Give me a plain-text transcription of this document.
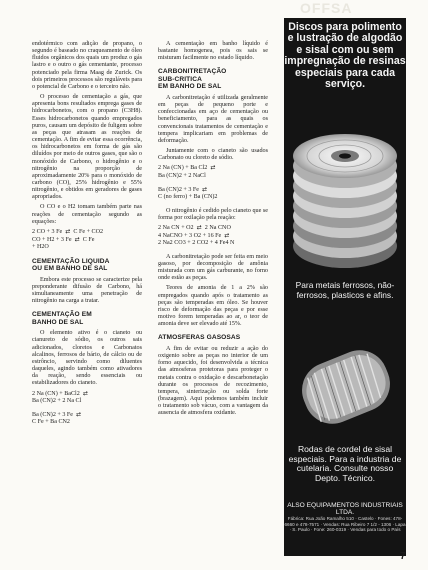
OFFSA

endotérmico com adição de propano, o segundo é baseado no craqueamento de óleo fluidos orgânicos dos quais um produz o gás lastro e o outro o gás cementante, processo potenciado pela firma Maag de Zurick. Os dois primeiros processos são reguláveis para o potencial de Carbono e o terceiro não.

O processo de cementação a gás, que apresenta bons resultados emprega gases de hidrocarbonetos, com o propano (C3H8). Esses hidrocarbonetos quando empregados puros, causam um depósito de fuligem sobre as peças que atrasam as reações de cementação. A fim de evitar essa ocorrência, os hidrocarbonetos em forma de gás são diluídos por meio de outros gases, que são o monóxido de Carbono, o hidrogênio e o nitrogênio na proporção de aproximadamente 20% para o monóxido de carbono (CO), 25% hidrogênio e 55% nitrogênio, e obtidos em geradores de gases apropriados.

O CO e o H2 tomam também parte nas reações de cementação segundo as equações:

2 CO + 3 Fe  ⇄  C Fe + CO2
CO + H2 + 3 Fe  ⇄  C Fe
+ H2O
CEMENTAÇÃO LIQUIDA
OU EM BANHO DE SAL

Embora este processo se caracterize pela preponderante difusão de Carbono, há simultaneamente uma penetração de nitrogênio na carga a tratar.

CEMENTAÇÃO EM
BANHO DE SAL

O elemento ativo é o cianeto ou cianureto de sódio, os outros sais adicionados, cloretos e Carbonatos alcalinos, ferrosos de bário, de cálcio ou de estrôncio, servindo como diluentes daqueles, agindo também como ativadores da reação, sendo essenciais ou estabilizadores do cianeto.

2 Na (CN) + BaCl2  ⇄
Ba (CN)2 + 2 Na Cl
Ba (CN)2 + 3 Fe  ⇄
C Fe + Ba CN2

A cementação em banho líquido é bastante homogenea, pois os sais se misturam facilmente no estado líquido.

CARBONITRETAÇÃO
SUB-CRITICA
EM BANHO DE SAL

A carbonitretação é utilizada geralmente em peças de pequeno porte e confeccionadas em aço de cementação ou beneficiamento, para as quais os convencionais tratamentos de cementação e tempera implicariam em problemas de deformação.

Juntamente com o cianeto são usados Carbonato ou cloreto de sódio.

2 Na (CN) + Ba Cl2  ⇄
Ba (CN)2 + 2 NaCl
Ba (CN)2 + 3 Fe  ⇄
C (no ferro) + Ba (CN)2

O nitrogênio é cedido pelo cianeto que se forma por oxilação pela reação:

2 Na CN + O2  ⇄  2 Na CNO
4 NaCNO + 3 O2 + 16 Fe  ⇄
2 Na2 CO3 + 2 CO2 + 4 Fe4 N

A carbonitretação pode ser feita em meio gasoso, por decomposição de amônia misturada com um gás carburante, no forno onde estão as peças.

Teores de amonia de 1 a 2% são empregados quando após o tratamento as peças são temperadas em óleo. Se houver risco de deformação das peças e por esse motivo forem temperadas ao ar, o teor de amonia deve ser elevado até 15%.

ATMOSFERAS GASOSAS

A fim de evitar ou reduzir a ação do oxigenio sobre as peças no interior de um forno aquecido, foi desenvolvida a técnica das atmosferas protetoras para proteger o metais contra o oxidação e descarbonetação durante os processos de recozimento, tempera, sinterização ou solda forte (brazagem). Aqui podemos também incluir o tratamento sob vácuo, com a vantagem da ausencia de atmosfera oxidante.

Discos para polimento e lustração de algodão e sisal com ou sem impregnação de resinas especiais para cada serviço.
Para metais ferrosos, não-ferrosos, plasticos e afins.
Rodas de cordel de sisal especiais. Para a industria de cutelaria. Consulte nosso Depto. Técnico.
ALSO EQUIPAMENTOS INDUSTRIAIS LTDA.
Fábrica: Rua João Ramalho 510 · Castelo · Fones: 478-6660 e 478-7571 · Vendas: Rua Ribeiro 7 1/2 - 1306 · Lapa · S. Paulo · Fone: 260-0319 · Vendas para todo o País
7
